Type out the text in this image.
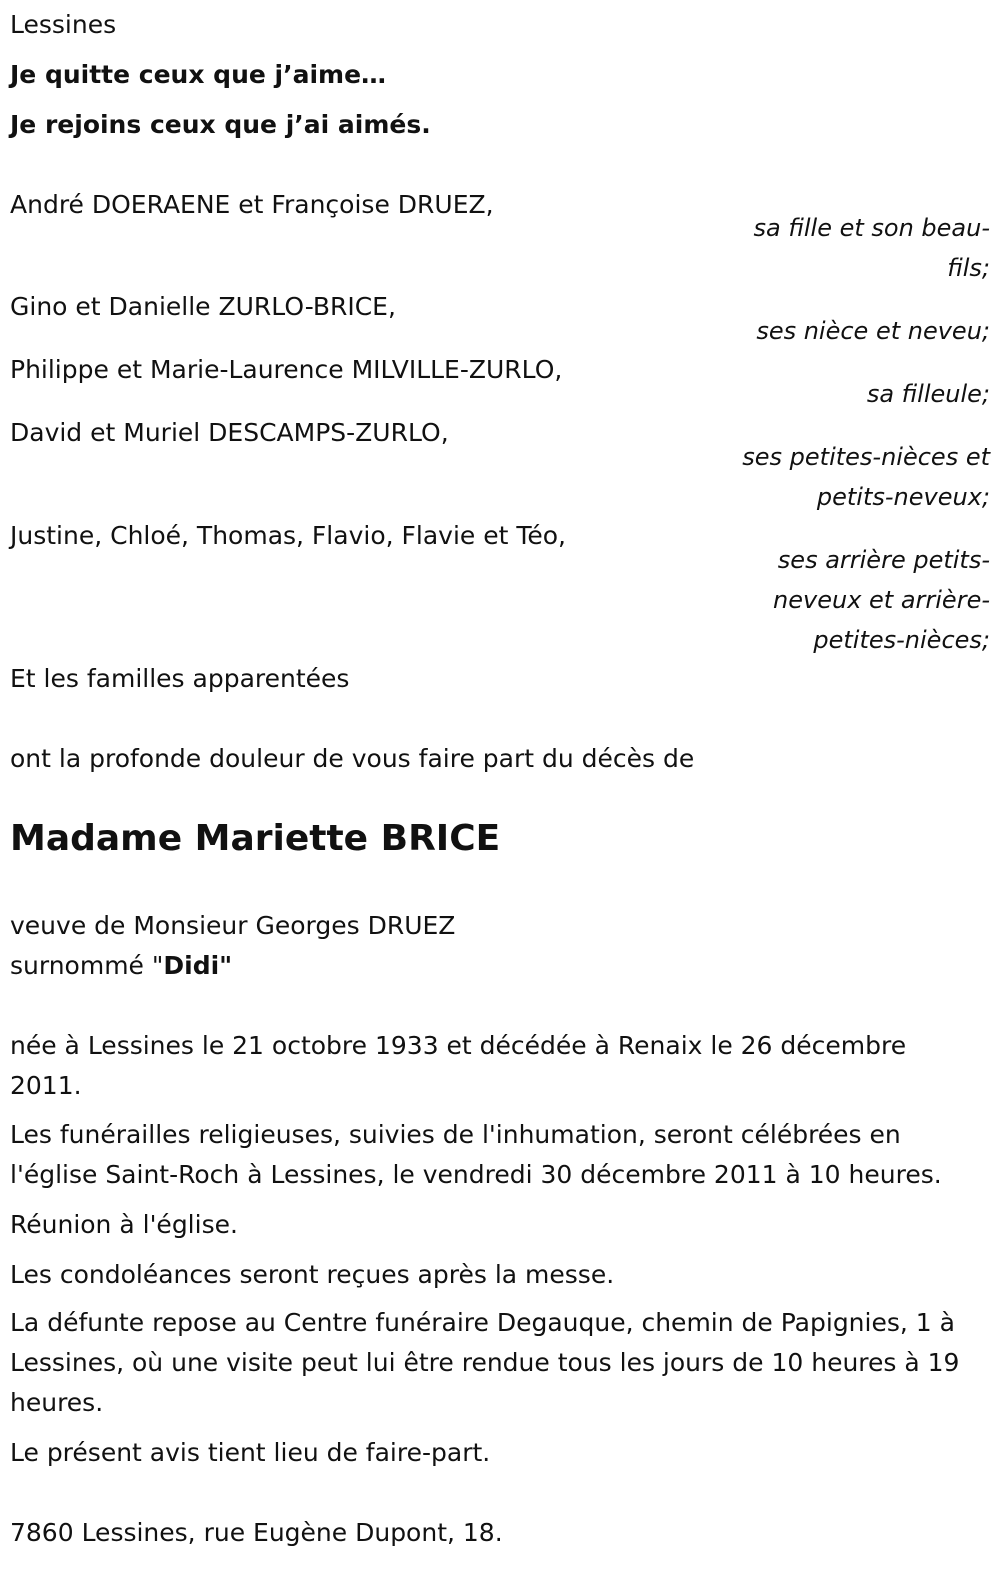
Lessines
Je quitte ceux que j’aime…
Je rejoins ceux que j’ai aimés.
André DOERAENE et Françoise DRUEZ,
sa fille et son beau-fils;
Gino et Danielle ZURLO-BRICE,
ses nièce et neveu;
Philippe et Marie-Laurence MILVILLE-ZURLO,
sa filleule;
David et Muriel DESCAMPS-ZURLO,
ses petites-nièces et petits-neveux;
Justine, Chloé, Thomas, Flavio, Flavie et Téo,
ses arrière petits-neveux et arrière-petites-nièces;
Et les familles apparentées
ont la profonde douleur de vous faire part du décès de
Madame Mariette BRICE
veuve de Monsieur Georges DRUEZ
surnommé "Didi"
née à Lessines le 21 octobre 1933 et décédée à Renaix le 26 décembre 2011.
Les funérailles religieuses, suivies de l'inhumation, seront célébrées en l'église Saint-Roch à Lessines, le vendredi 30 décembre 2011 à 10 heures.
Réunion à l'église.
Les condoléances seront reçues après la messe.
La défunte repose au Centre funéraire Degauque, chemin de Papignies, 1 à Lessines, où une visite peut lui être rendue tous les jours de 10 heures à 19 heures.
Le présent avis tient lieu de faire-part.
7860 Lessines, rue Eugène Dupont, 18.
